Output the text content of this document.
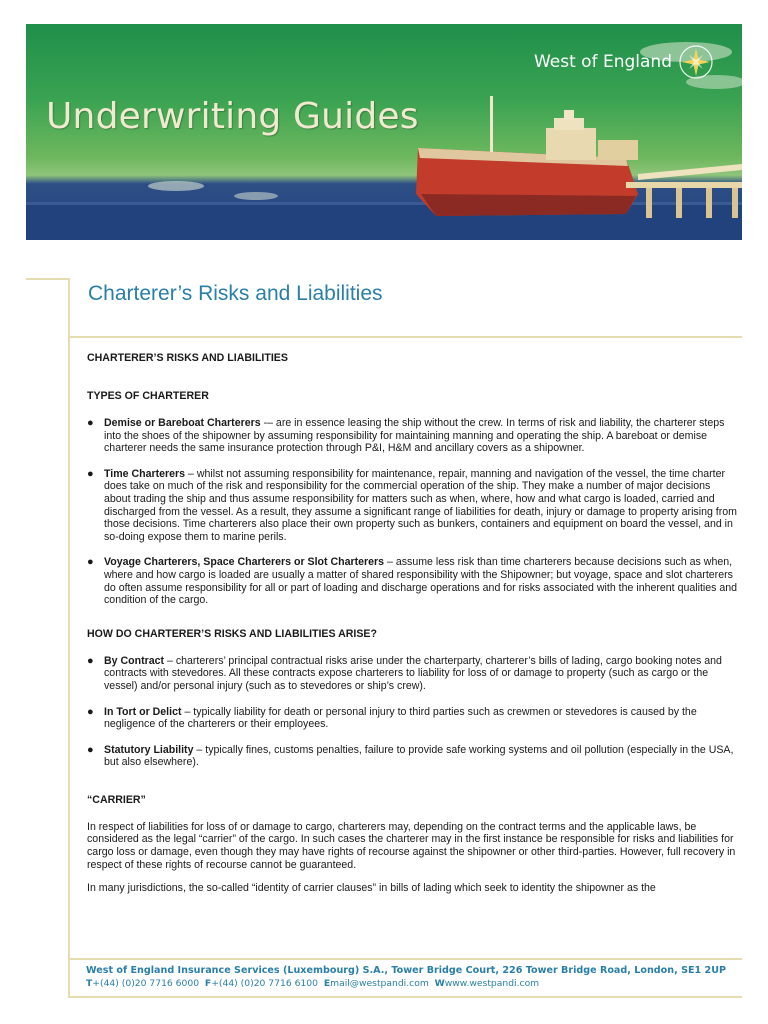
Underwriting Guides
West of England
Charterer’s Risks and Liabilities
CHARTERER’S RISKS AND LIABILITIES
TYPES OF CHARTERER
● Demise or Bareboat Charterers -– are in essence leasing the ship without the crew. In terms of risk and liability, the charterer steps into the shoes of the shipowner by assuming responsibility for maintaining manning and operating the ship. A bareboat or demise charterer needs the same insurance protection through P&I, H&M and ancillary covers as a shipowner.
● Time Charterers – whilst not assuming responsibility for maintenance, repair, manning and navigation of the vessel, the time charter does take on much of the risk and responsibility for the commercial operation of the ship. They make a number of major decisions about trading the ship and thus assume responsibility for matters such as when, where, how and what cargo is loaded, carried and discharged from the vessel. As a result, they assume a significant range of liabilities for death, injury or damage to property arising from those decisions. Time charterers also place their own property such as bunkers, containers and equipment on board the vessel, and in so-doing expose them to marine perils.
● Voyage Charterers, Space Charterers or Slot Charterers – assume less risk than time charterers because decisions such as when, where and how cargo is loaded are usually a matter of shared responsibility with the Shipowner; but voyage, space and slot charterers do often assume responsibility for all or part of loading and discharge operations and for risks associated with the inherent qualities and condition of the cargo.
HOW DO CHARTERER’S RISKS AND LIABILITIES ARISE?
● By Contract – charterers’ principal contractual risks arise under the charterparty, charterer’s bills of lading, cargo booking notes and contracts with stevedores. All these contracts expose charterers to liability for loss of or damage to property (such as cargo or the vessel) and/or personal injury (such as to stevedores or ship’s crew).
● In Tort or Delict – typically liability for death or personal injury to third parties such as crewmen or stevedores is caused by the negligence of the charterers or their employees.
● Statutory Liability – typically fines, customs penalties, failure to provide safe working systems and oil pollution (especially in the USA, but also elsewhere).
“CARRIER”

In respect of liabilities for loss of or damage to cargo, charterers may, depending on the contract terms and the applicable laws, be considered as the legal “carrier” of the cargo. In such cases the charterer may in the first instance be responsible for risks and liabilities for cargo loss or damage, even though they may have rights of recourse against the shipowner or other third-parties. However, full recovery in respect of these rights of recourse cannot be guaranteed.

In many jurisdictions, the so-called “identity of carrier clauses” in bills of lading which seek to identity the shipowner as the

West of England Insurance Services (Luxembourg) S.A., Tower Bridge Court, 226 Tower Bridge Road, London, SE1 2UP
T+(44) (0)20 7716 6000 F+(44) (0)20 7716 6100 Email@westpandi.com Wwww.westpandi.com
